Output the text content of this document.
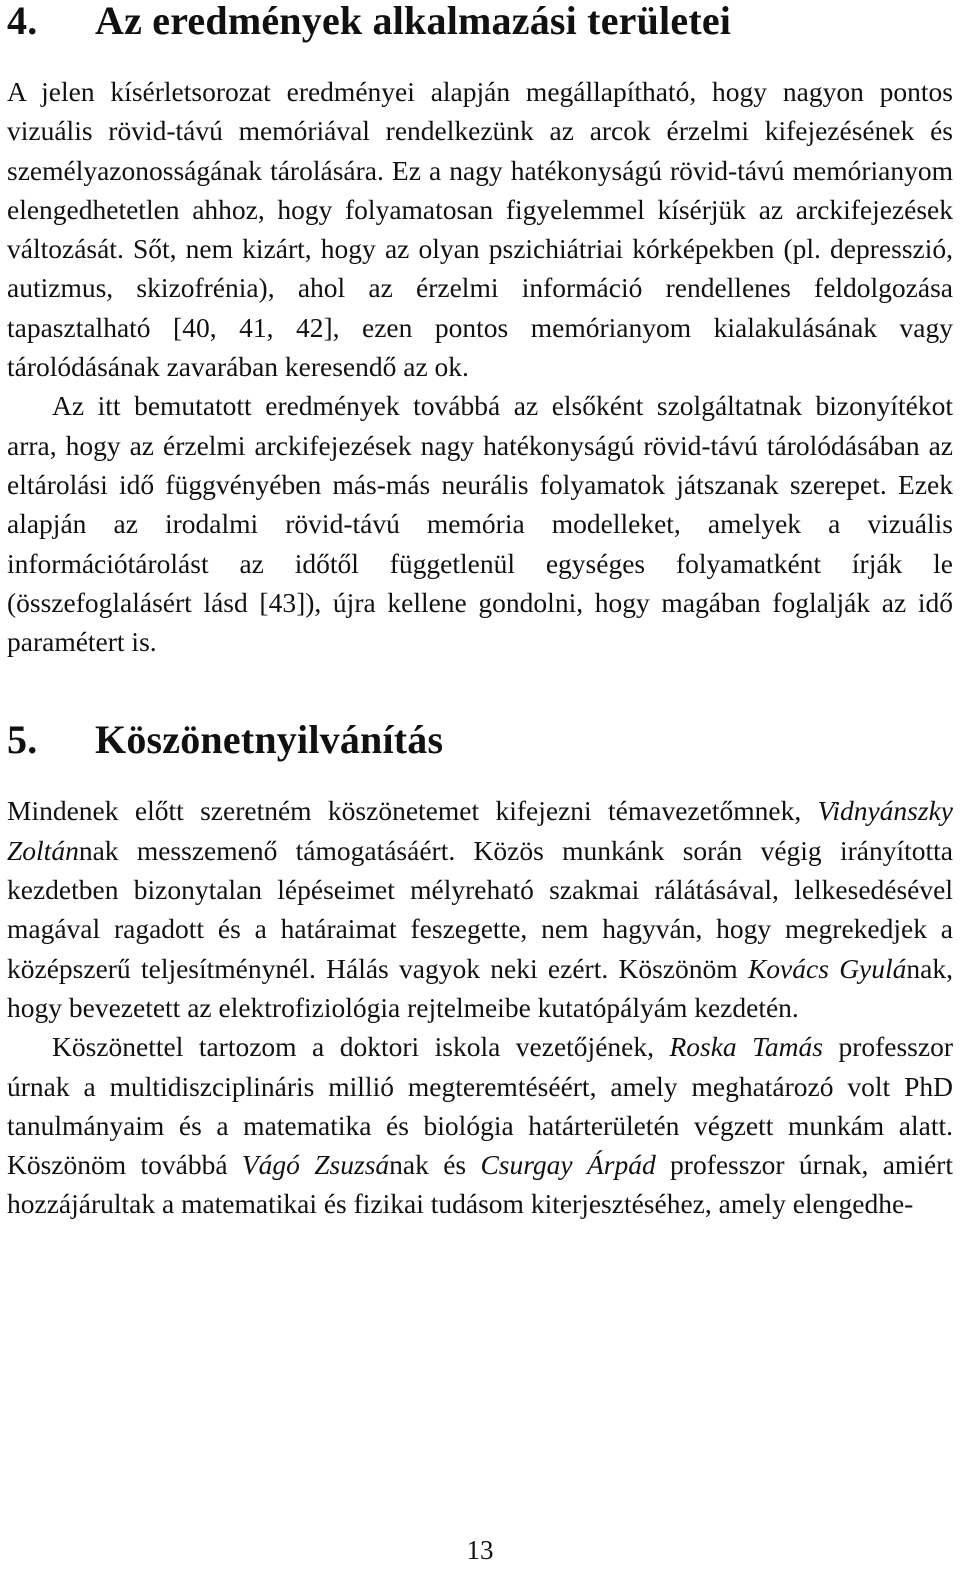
4. Az eredmények alkalmazási területei

A jelen kísérletsorozat eredményei alapján megállapítható, hogy nagyon pontos vizuális rövid-távú memóriával rendelkezünk az arcok érzelmi kifejezésének és személyazonosságának tárolására. Ez a nagy hatékonyságú rövid-távú memórianyom elengedhetetlen ahhoz, hogy folyamatosan figyelemmel kísérjük az arckifejezések változását. Sőt, nem kizárt, hogy az olyan pszichiátriai kórképekben (pl. depresszió, autizmus, skizofrénia), ahol az érzelmi információ rendellenes feldolgozása tapasztalható [40, 41, 42], ezen pontos memórianyom kialakulásának vagy tárolódásának zavarában keresendő az ok.

Az itt bemutatott eredmények továbbá az elsőként szolgáltatnak bizonyítékot arra, hogy az érzelmi arckifejezések nagy hatékonyságú rövid-távú tárolódásában az eltárolási idő függvényében más-más neurális folyamatok játszanak szerepet. Ezek alapján az irodalmi rövid-távú memória modelleket, amelyek a vizuális információtárolást az időtől függetlenül egységes folyamatként írják le (összefoglalásért lásd [43]), újra kellene gondolni, hogy magában foglalják az idő paramétert is.

5. Köszönetnyilvánítás

Mindenek előtt szeretném köszönetemet kifejezni témavezetőmnek, Vidnyánszky Zoltánnak messzemenő támogatásáért. Közös munkánk során végig irányította kezdetben bizonytalan lépéseimet mélyreható szakmai rálátásával, lelkesedésével magával ragadott és a határaimat feszegette, nem hagyván, hogy megrekedjek a középszerű teljesítménynél. Hálás vagyok neki ezért. Köszönöm Kovács Gyulának, hogy bevezetett az elektrofiziológia rejtelmeibe kutatópályám kezdetén.

Köszönettel tartozom a doktori iskola vezetőjének, Roska Tamás professzor úrnak a multidiszciplináris millió megteremtéséért, amely meghatározó volt PhD tanulmányaim és a matematika és biológia határterületén végzett munkám alatt. Köszönöm továbbá Vágó Zsuzsának és Csurgay Árpád professzor úrnak, amiért hozzájárultak a matematikai és fizikai tudásom kiterjesztéséhez, amely elengedhe-

13
